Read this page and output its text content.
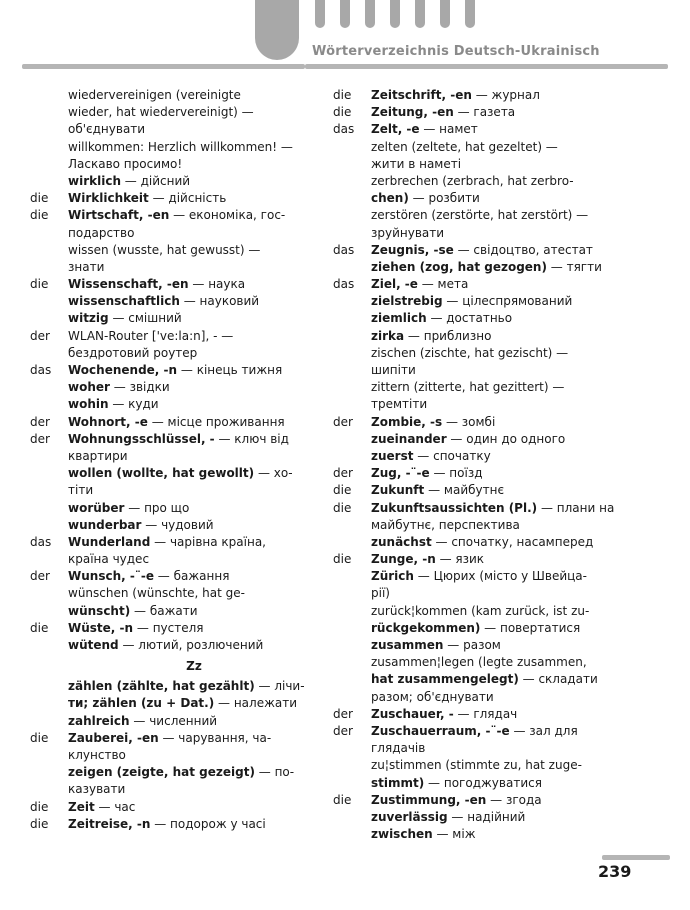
Wörterverzeichnis Deutsch-Ukrainisch
wiedervereinigen (vereinigte
wieder, hat wiedervereinigt) —
об'єднувати
willkommen: Herzlich willkommen! —
Ласкаво просимо!
wirklich — дійсний
die Wirklichkeit — дійсність
die Wirtschaft, -en — економіка, гос-
подарство
wissen (wusste, hat gewusst) —
знати
die Wissenschaft, -en — наука
wissenschaftlich — науковий
witzig — смішний
der WLAN-Router ['ve:la:n], - —
бездротовий роутер
das Wochenende, -n — кінець тижня
woher — звідки
wohin — куди
der Wohnort, -e — місце проживання
der Wohnungsschlüssel, - — ключ від
квартири
wollen (wollte, hat gewollt) — хо-
тіти
worüber — про що
wunderbar — чудовий
das Wunderland — чарівна країна,
країна чудес
der Wunsch, -¨-e — бажання
wünschen (wünschte, hat ge-
wünscht) — бажати
die Wüste, -n — пустеля
wütend — лютий, розлючений
Zz
zählen (zählte, hat gezählt) — лічи-
ти; zählen (zu + Dat.) — належати
zahlreich — численний
die Zauberei, -en — чарування, ча-
клунство
zeigen (zeigte, hat gezeigt) — по-
казувати
die Zeit — час
die Zeitreise, -n — подорож у часі
die Zeitschrift, -en — журнал
die Zeitung, -en — газета
das Zelt, -e — намет
zelten (zeltete, hat gezeltet) —
жити в наметі
zerbrechen (zerbrach, hat zerbro-
chen) — розбити
zerstören (zerstörte, hat zerstört) —
зруйнувати
das Zeugnis, -se — свідоцтво, атестат
ziehen (zog, hat gezogen) — тягти
das Ziel, -e — мета
zielstrebig — цілеспрямований
ziemlich — достатньо
zirka — приблизно
zischen (zischte, hat gezischt) —
шипіти
zittern (zitterte, hat gezittert) —
тремтіти
der Zombie, -s — зомбі
zueinander — один до одного
zuerst — спочатку
der Zug, -¨-e — поїзд
die Zukunft — майбутнє
die Zukunftsaussichten (Pl.) — плани на
майбутнє, перспектива
zunächst — спочатку, насамперед
die Zunge, -n — язик
Zürich — Цюрих (місто у Швейца-
рії)
zurück¦kommen (kam zurück, ist zu-
rückgekommen) — повертатися
zusammen — разом
zusammen¦legen (legte zusammen,
hat zusammengelegt) — складати
разом; об'єднувати
der Zuschauer, - — глядач
der Zuschauerraum, -¨-e — зал для
глядачів
zu¦stimmen (stimmte zu, hat zuge-
stimmt) — погоджуватися
die Zustimmung, -en — згода
zuverlässig — надійний
zwischen — між
239
